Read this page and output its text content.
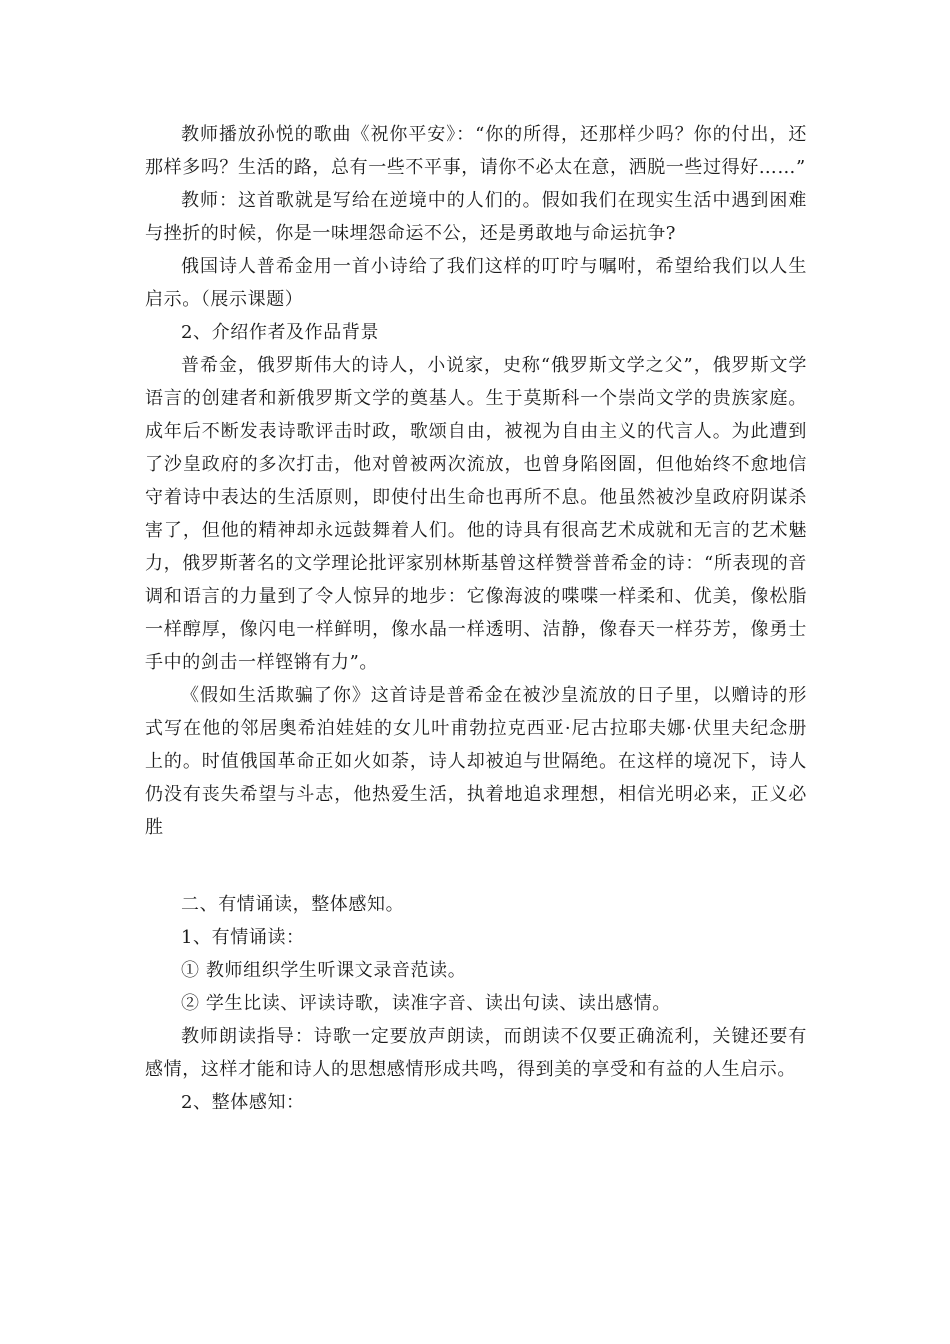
教师播放孙悦的歌曲《祝你平安》：“你的所得，还那样少吗？你的付出，还那样多吗？生活的路，总有一些不平事，请你不必太在意，洒脱一些过得好……”

教师：这首歌就是写给在逆境中的人们的。假如我们在现实生活中遇到困难与挫折的时候，你是一味埋怨命运不公，还是勇敢地与命运抗争?

俄国诗人普希金用一首小诗给了我们这样的叮咛与嘱咐，希望给我们以人生启示。（展示课题）

2、介绍作者及作品背景

普希金，俄罗斯伟大的诗人，小说家，史称“俄罗斯文学之父”，俄罗斯文学语言的创建者和新俄罗斯文学的奠基人。生于莫斯科一个崇尚文学的贵族家庭。成年后不断发表诗歌评击时政，歌颂自由，被视为自由主义的代言人。为此遭到了沙皇政府的多次打击，他对曾被两次流放，也曾身陷囹圄，但他始终不愈地信守着诗中表达的生活原则，即使付出生命也再所不息。他虽然被沙皇政府阴谋杀害了，但他的精神却永远鼓舞着人们。他的诗具有很高艺术成就和无言的艺术魅力，俄罗斯著名的文学理论批评家别林斯基曾这样赞誉普希金的诗：“所表现的音调和语言的力量到了令人惊异的地步：它像海波的喋喋一样柔和、优美，像松脂一样醇厚，像闪电一样鲜明，像水晶一样透明、洁静，像春天一样芬芳，像勇士手中的剑击一样铿锵有力”。

《假如生活欺骗了你》这首诗是普希金在被沙皇流放的日子里，以赠诗的形式写在他的邻居奥希泊娃娃的女儿叶甫勃拉克西亚·尼古拉耶夫娜·伏里夫纪念册上的。时值俄国革命正如火如荼，诗人却被迫与世隔绝。在这样的境况下，诗人仍没有丧失希望与斗志，他热爱生活，执着地追求理想，相信光明必来，正义必胜

二、有情诵读，整体感知。

1、有情诵读：

① 教师组织学生听课文录音范读。

② 学生比读、评读诗歌，读准字音、读出句读、读出感情。

教师朗读指导：诗歌一定要放声朗读，而朗读不仅要正确流利，关键还要有感情，这样才能和诗人的思想感情形成共鸣，得到美的享受和有益的人生启示。

2、整体感知：
